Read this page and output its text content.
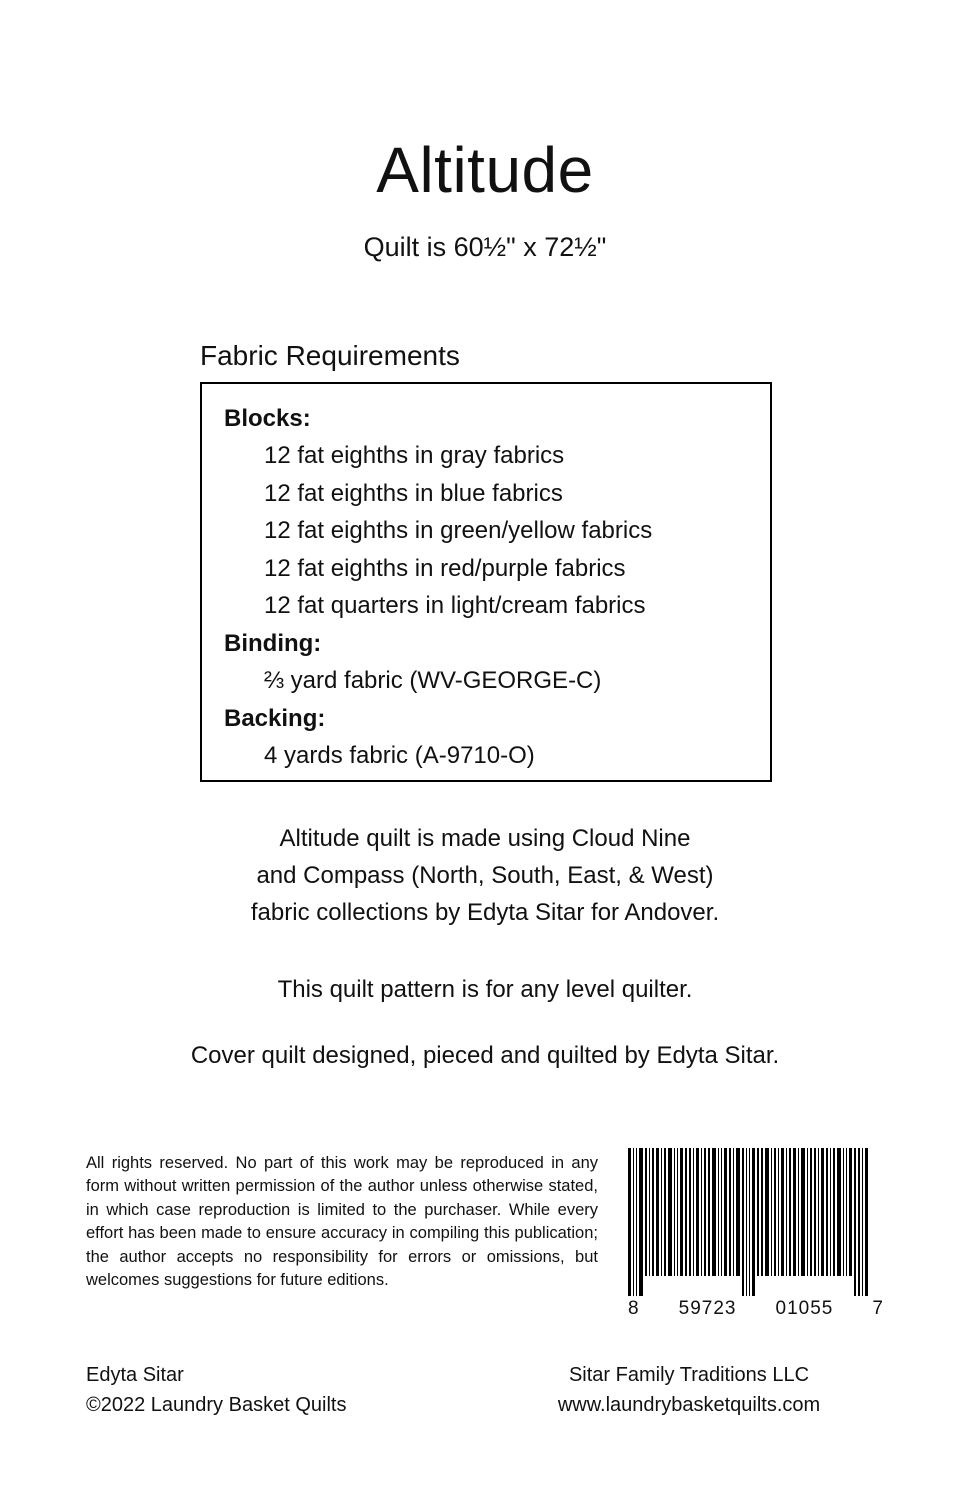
Altitude
Quilt is 60½" x 72½"
Fabric Requirements
Blocks:
12 fat eighths in gray fabrics
12 fat eighths in blue fabrics
12 fat eighths in green/yellow fabrics
12 fat eighths in red/purple fabrics
12 fat quarters in light/cream fabrics
Binding:
⅔ yard fabric (WV-GEORGE-C)
Backing:
4 yards fabric (A-9710-O)
Altitude quilt is made using Cloud Nine
and Compass (North, South, East, & West)
fabric collections by Edyta Sitar for Andover.
This quilt pattern is for any level quilter.
Cover quilt designed, pieced and quilted by Edyta Sitar.
All rights reserved. No part of this work may be reproduced in any form without written permission of the author unless otherwise stated, in which case reproduction is limited to the purchaser. While every effort has been made to ensure accuracy in compiling this publication; the author accepts no responsibility for errors or omissions, but welcomes suggestions for future editions.
8 59723 01055 7
Edyta Sitar
©2022 Laundry Basket Quilts
Sitar Family Traditions LLC
www.laundrybasketquilts.com
